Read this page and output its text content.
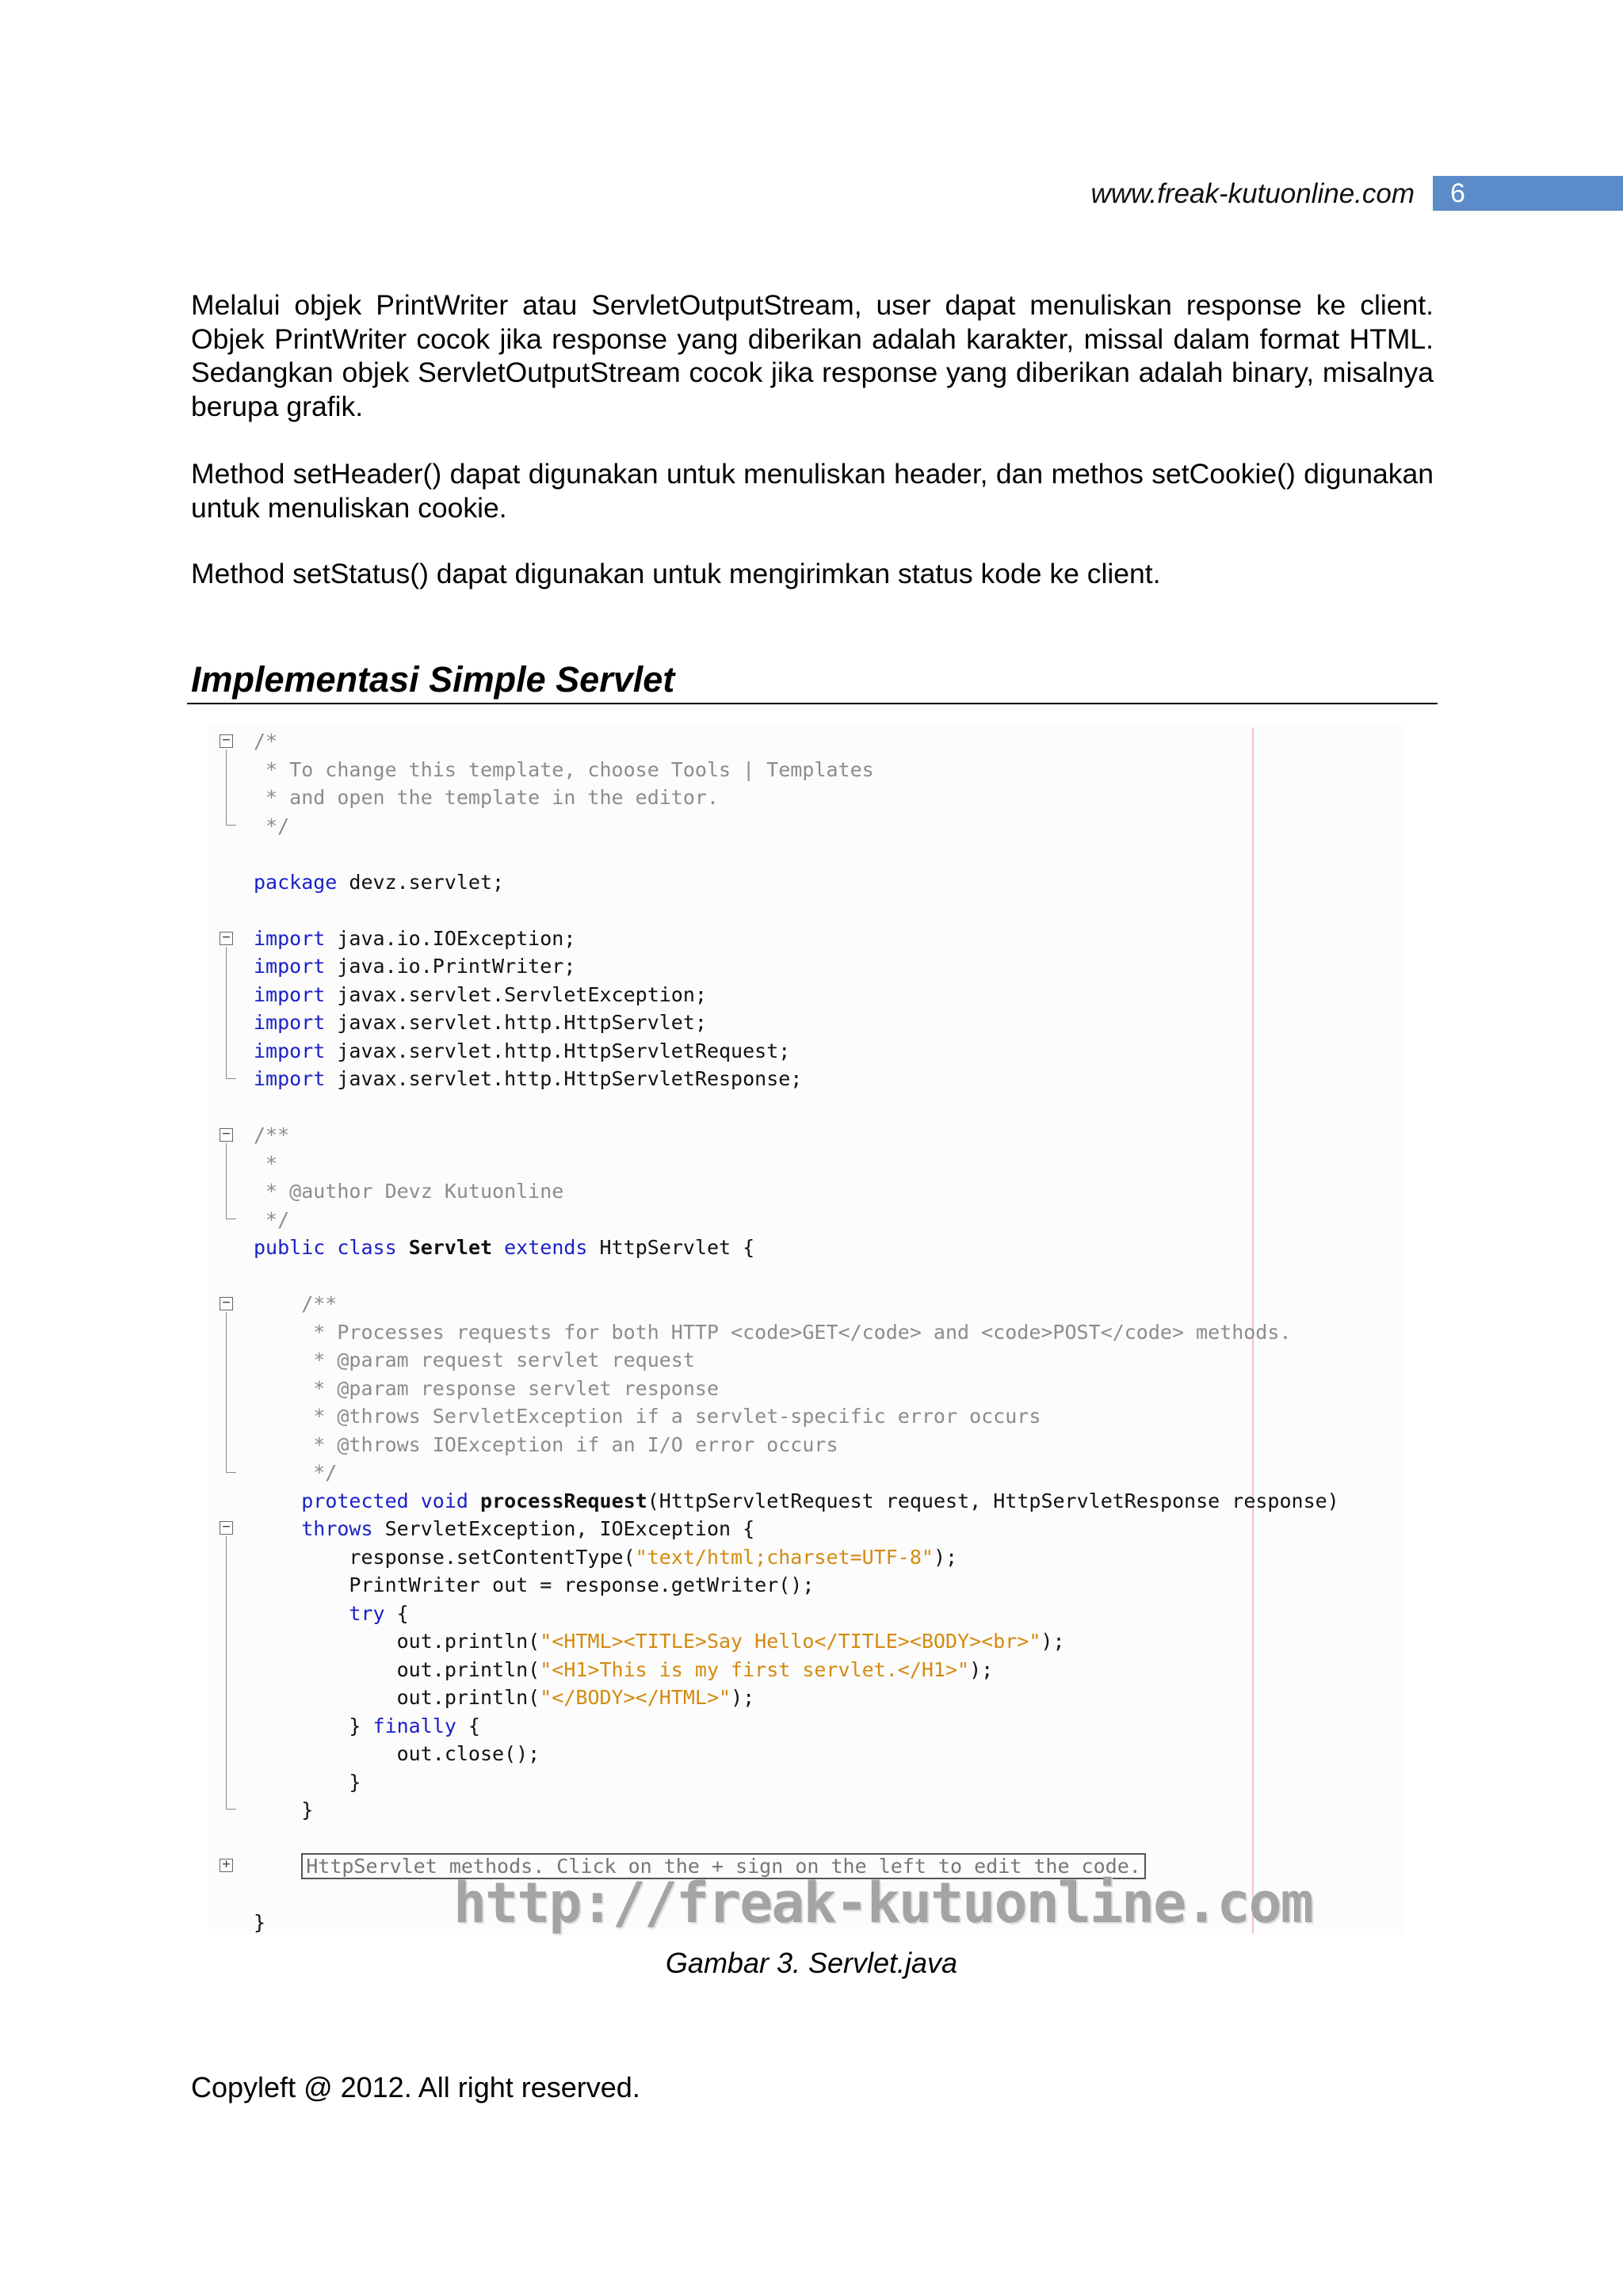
www.freak-kutuonline.com 6

Melalui objek PrintWriter atau ServletOutputStream, user dapat menuliskan response ke client. Objek PrintWriter cocok jika response yang diberikan adalah karakter, missal dalam format HTML. Sedangkan objek ServletOutputStream cocok jika response yang diberikan adalah binary, misalnya berupa grafik.

Method setHeader() dapat digunakan untuk menuliskan header, dan methos setCookie() digunakan untuk menuliskan cookie.

Method setStatus() dapat digunakan untuk mengirimkan status kode ke client.

Implementasi Simple Servlet
−
−
−
−
−
+
/*
* To change this template, choose Tools | Templates
* and open the template in the editor.
*/

package devz.servlet;

import java.io.IOException;
import java.io.PrintWriter;
import javax.servlet.ServletException;
import javax.servlet.http.HttpServlet;
import javax.servlet.http.HttpServletRequest;
import javax.servlet.http.HttpServletResponse;

/**
*
* @author Devz Kutuonline
*/
public class Servlet extends HttpServlet {

/**
* Processes requests for both HTTP <code>GET</code> and <code>POST</code> methods.
* @param request servlet request
* @param response servlet response
* @throws ServletException if a servlet-specific error occurs
* @throws IOException if an I/O error occurs
*/
protected void processRequest(HttpServletRequest request, HttpServletResponse response)
throws ServletException, IOException {
response.setContentType("text/html;charset=UTF-8");
PrintWriter out = response.getWriter();
try {
out.println("<HTML><TITLE>Say Hello</TITLE><BODY><br>");
out.println("<H1>This is my first servlet.</H1>");
out.println("</BODY></HTML>");
} finally {
out.close();
}
}

HttpServlet methods. Click on the + sign on the left to edit the code.

}	http://freak-kutuonline.com
Gambar 3. Servlet.java
Copyleft @ 2012. All right reserved.
